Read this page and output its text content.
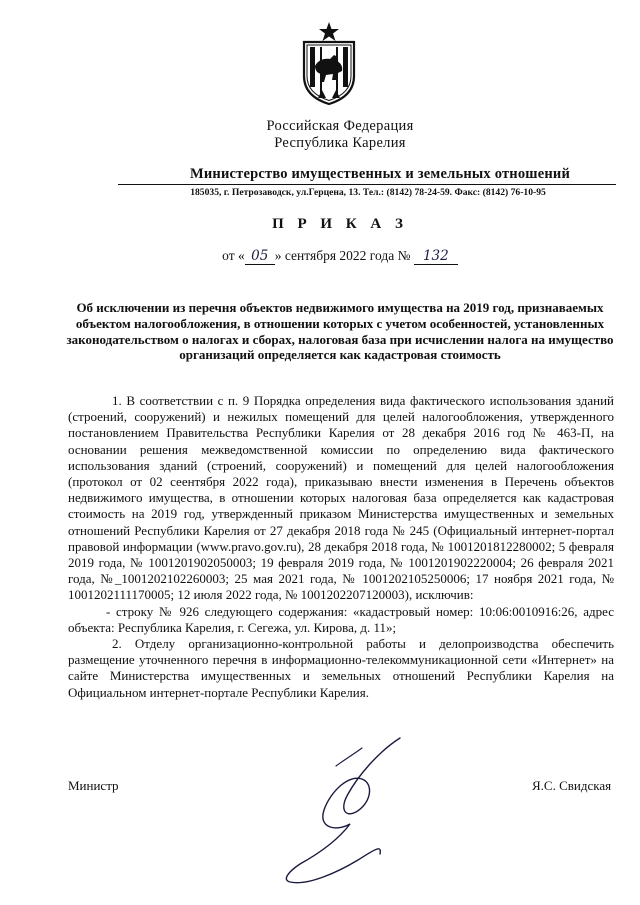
Российская Федерация
Республика Карелия
Министерство имущественных и земельных отношений
185035, г. Петрозаводск, ул.Герцена, 13. Тел.: (8142) 78-24-59. Факс: (8142) 76-10-95
П Р И К А З
от « 05 » сентября 2022 года № 132
Об исключении из перечня объектов недвижимого имущества на 2019 год, признаваемых объектом налогообложения, в отношении которых с учетом особенностей, установленных законодательством о налогах и сборах, налоговая база при исчислении налога на имущество организаций определяется как кадастровая стоимость

1. В соответствии с п. 9 Порядка определения вида фактического использования зданий (строений, сооружений) и нежилых помещений для целей налогообложения, утвержденного постановлением Правительства Республики Карелия от 28 декабря 2016 год № 463-П, на основании решения межведомственной комиссии по определению вида фактического использования зданий (строений, сооружений) и помещений для целей налогообложения (протокол от 02 сеентября 2022 года), приказываю внести изменения в Перечень объектов недвижимого имущества, в отношении которых налоговая база определяется как кадастровая стоимость на 2019 год, утвержденный приказом Министерства имущественных и земельных отношений Республики Карелия от 27 декабря 2018 года № 245 (Официальный интернет-портал правовой информации (www.pravo.gov.ru), 28 декабря 2018 года, № 1001201812280002; 5 февраля 2019 года, № 1001201902050003; 19 февраля 2019 года, № 1001201902220004; 26 февраля 2021 года, №_1001202102260003; 25 мая 2021 года, № 1001202105250006; 17 ноября 2021 года, № 1001202111170005; 12 июля 2022 года, № 1001202207120003), исключив:

- строку № 926 следующего содержания: «кадастровый номер: 10:06:0010916:26, адрес объекта: Республика Карелия, г. Сегежа, ул. Кирова, д. 11»;

2. Отделу организационно-контрольной работы и делопроизводства обеспечить размещение уточненного перечня в информационно-телекоммуникационной сети «Интернет» на сайте Министерства имущественных и земельных отношений Республики Карелия на Официальном интернет-портале Республики Карелия.

Министр	Я.С. Свидская
